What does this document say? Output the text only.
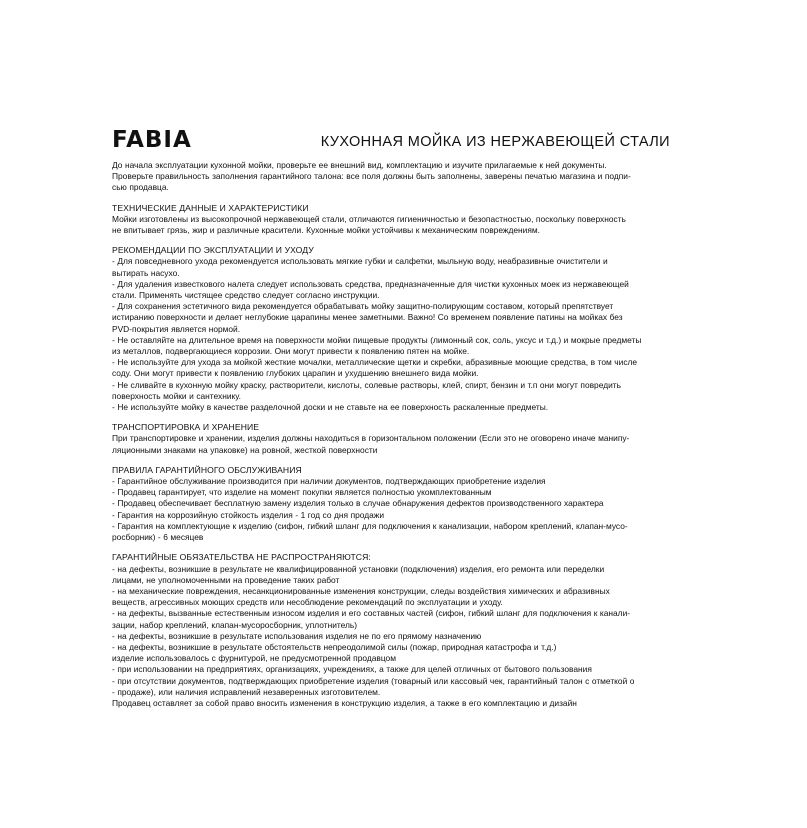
FABIA	КУХОННАЯ МОЙКА ИЗ НЕРЖАВЕЮЩЕЙ СТАЛИ

До начала эксплуатации кухонной мойки, проверьте ее внешний вид, комплектацию и изучите прилагаемые к ней документы.
Проверьте правильность заполнения гарантийного талона: все поля должны быть заполнены, заверены печатью магазина и подпи-
сью продавца.

ТЕХНИЧЕСКИЕ ДАННЫЕ И ХАРАКТЕРИСТИКИ

Мойки изготовлены из высокопрочной нержавеющей стали, отличаются гигиеничностью и безопастностью, поскольку поверхность
не впитывает грязь, жир и различные красители. Кухонные мойки устойчивы к механическим повреждениям.

РЕКОМЕНДАЦИИ ПО ЭКСПЛУАТАЦИИ И УХОДУ

- Для повседневного ухода рекомендуется использовать мягкие губки и салфетки, мыльную воду, неабразивные очистители и
вытирать насухо.
- Для удаления известкового налета следует использовать средства, предназначенные для чистки кухонных моек из нержавеющей
стали. Применять чистящее средство следует согласно инструкции.
- Для сохранения эстетичного вида рекомендуется обрабатывать мойку защитно-полирующим составом, который препятствует
истиранию поверхности и делает неглубокие царапины менее заметными. Важно! Со временем появление патины на мойках без
PVD-покрытия является нормой.
- Не оставляйте на длительное время на поверхности мойки пищевые продукты (лимонный сок, соль, уксус и т.д.) и мокрые предметы
из металлов, подвергающиеся коррозии. Они могут привести к появлению пятен на мойке.
- Не используйте для ухода за мойкой жесткие мочалки, металлические щетки и скребки, абразивные моющие средства, в том числе
соду. Они могут привести к появлению глубоких царапин и ухудшению внешнего вида мойки.
- Не сливайте в кухонную мойку краску, растворители, кислоты, солевые растворы, клей, спирт, бензин и т.п они могут повредить
поверхность мойки и сантехнику.
- Не используйте мойку в качестве разделочной доски и не ставьте на ее поверхность раскаленные предметы.

ТРАНСПОРТИРОВКА И ХРАНЕНИЕ

При транспортировке и хранении, изделия должны находиться в горизонтальном положении (Если это не оговорено иначе манипу-
ляционными знаками на упаковке) на ровной, жесткой поверхности

ПРАВИЛА ГАРАНТИЙНОГО ОБСЛУЖИВАНИЯ

- Гарантийное обслуживание производится при наличии документов, подтверждающих приобретение изделия
- Продавец гарантирует, что изделие на момент покупки является полностью укомплектованным
- Продавец обеспечивает бесплатную замену изделия только в случае обнаружения дефектов производственного характера
- Гарантия на коррозийную стойкость изделия - 1 год со дня продажи
- Гарантия на комплектующие к изделию (сифон, гибкий шланг для подключения к канализации, набором креплений, клапан-мусо-
росборник) - 6 месяцев

ГАРАНТИЙНЫЕ ОБЯЗАТЕЛЬСТВА НЕ РАСПРОСТРАНЯЮТСЯ:

- на дефекты, возникшие в результате не квалифицированной установки (подключения) изделия, его ремонта или переделки
лицами, не уполномоченными на проведение таких работ
- на механические повреждения, несанкционированные изменения конструкции, следы воздействия химических и абразивных
веществ, агрессивных моющих средств или несоблюдение рекомендаций по эксплуатации и уходу.
- на дефекты, вызванные естественным износом изделия и его составных частей (сифон, гибкий шланг для подключения к канали-
зации, набор креплений, клапан-мусоросборник, уплотнитель)
- на дефекты, возникшие в результате использования изделия не по его прямому назначению
- на дефекты, возникшие в результате обстоятельств непреодолимой силы (пожар, природная катастрофа и т.д.)
изделие использовалось с фурнитурой, не предусмотренной продавцом
- при использовании на предприятиях, организациях, учреждениях, а также для целей отличных от бытового пользования
- при отсутствии документов, подтверждающих приобретение изделия (товарный или кассовый чек, гарантийный талон с отметкой о
- продаже), или наличия исправлений незаверенных изготовителем.
Продавец оставляет за собой право вносить изменения в конструкцию изделия, а также в его комплектацию и дизайн
